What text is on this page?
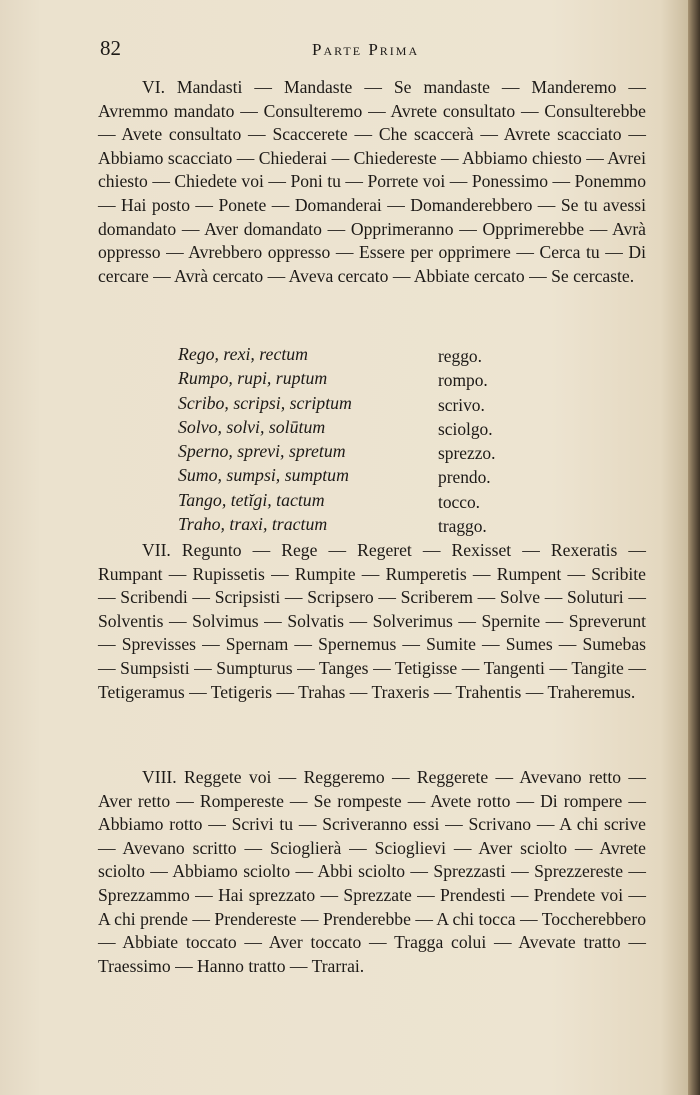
82	Parte Prima

VI. Mandasti — Mandaste — Se mandaste — Manderemo — Avremmo mandato — Consulteremo — Avrete consultato — Consulterebbe — Avete consultato — Scaccerete — Che scaccerà — Avrete scacciato — Abbiamo scacciato — Chiederai — Chiedereste — Abbiamo chiesto — Avrei chiesto — Chiedete voi — Poni tu — Porrete voi — Ponessimo — Ponemmo — Hai posto — Ponete — Domanderai — Domanderebbero — Se tu avessi domandato — Aver domandato — Opprimeranno — Opprimerebbe — Avrà oppresso — Avrebbero oppresso — Essere per opprimere — Cerca tu — Di cercare — Avrà cercato — Aveva cercato — Abbiate cercato — Se cercaste.

Rego, rexi, rectum	reggo.
Rumpo, rupi, ruptum	rompo.
Scribo, scripsi, scriptum	scrivo.
Solvo, solvi, solūtum	sciolgo.
Sperno, sprevi, spretum	sprezzo.
Sumo, sumpsi, sumptum	prendo.
Tango, tetĭgi, tactum	tocco.
Traho, traxi, tractum	traggo.

VII. Regunto — Rege — Regeret — Rexisset — Rexeratis — Rumpant — Rupissetis — Rumpite — Rumperetis — Rumpent — Scribite — Scribendi — Scripsisti — Scripsero — Scriberem — Solve — Soluturi — Solventis — Solvimus — Solvatis — Solverimus — Spernite — Spreverunt — Sprevisses — Spernam — Spernemus — Sumite — Sumes — Sumebas — Sumpsisti — Sumpturus — Tanges — Tetigisse — Tangenti — Tangite — Tetigeramus — Tetigeris — Trahas — Traxeris — Trahentis — Traheremus.

VIII. Reggete voi — Reggeremo — Reggerete — Avevano retto — Aver retto — Rompereste — Se rompeste — Avete rotto — Di rompere — Abbiamo rotto — Scrivi tu — Scriveranno essi — Scrivano — A chi scrive — Avevano scritto — Scioglierà — Scioglievi — Aver sciolto — Avrete sciolto — Abbiamo sciolto — Abbi sciolto — Sprezzasti — Sprezzereste — Sprezzammo — Hai sprezzato — Sprezzate — Prendesti — Prendete voi — A chi prende — Prendereste — Prenderebbe — A chi tocca — Toccherebbero — Abbiate toccato — Aver toccato — Tragga colui — Avevate tratto — Traessimo — Hanno tratto — Trarrai.
